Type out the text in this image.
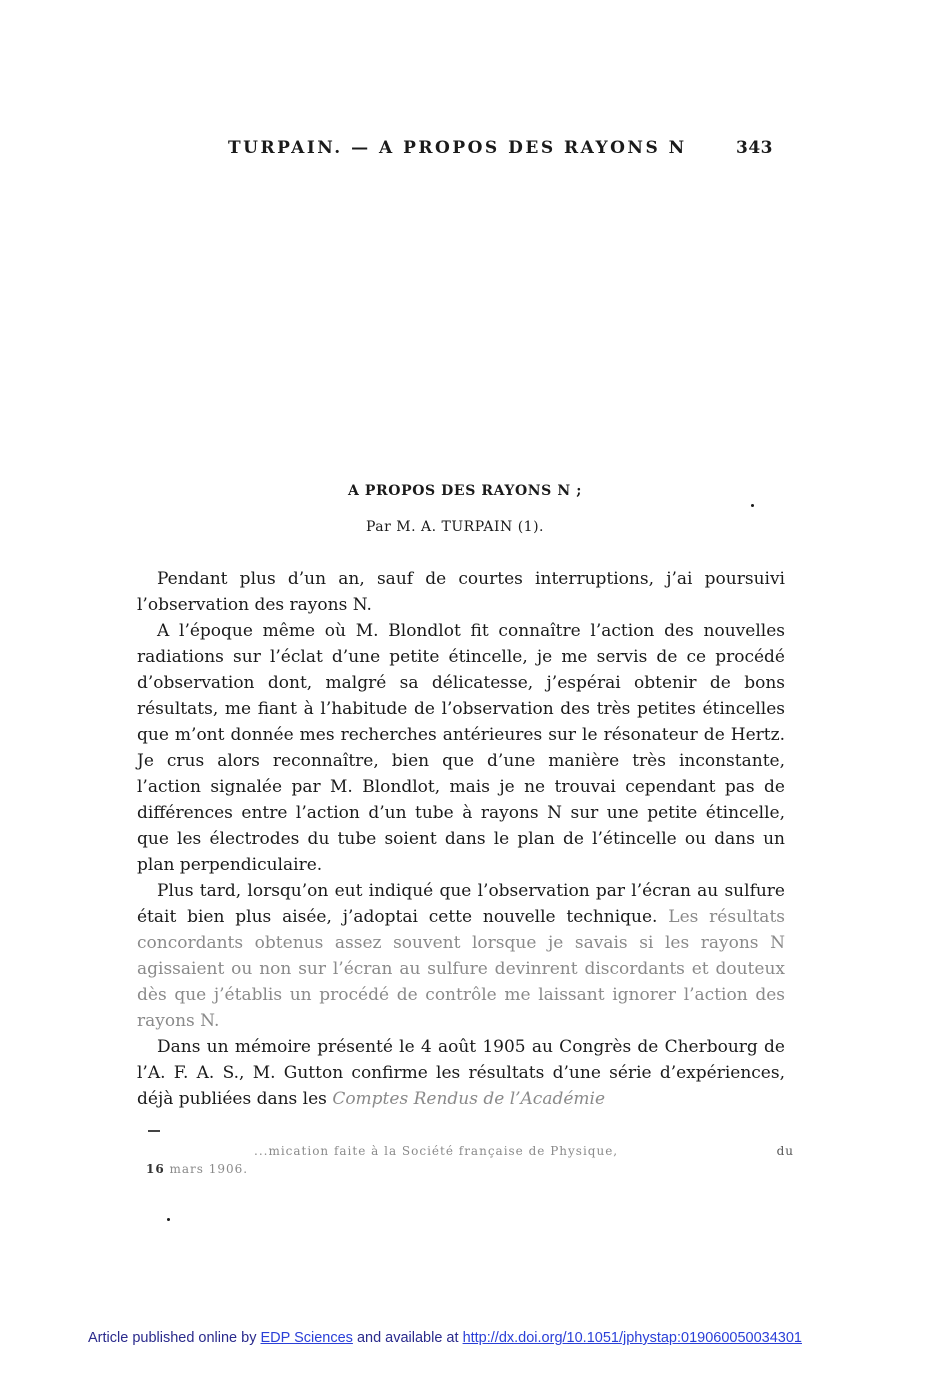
TURPAIN. — A PROPOS DES RAYONS N	343
A PROPOS DES RAYONS N ;
Par M. A. TURPAIN (1).

Pendant plus d’un an, sauf de courtes interruptions, j’ai poursuivi l’observation des rayons N.

A l’époque même où M. Blondlot fit connaître l’action des nouvelles radiations sur l’éclat d’une petite étincelle, je me servis de ce procédé d’observation dont, malgré sa délicatesse, j’espérai obtenir de bons résultats, me fiant à l’habitude de l’observation des très petites étincelles que m’ont donnée mes recherches antérieures sur le résonateur de Hertz. Je crus alors reconnaître, bien que d’une manière très inconstante, l’action signalée par M. Blondlot, mais je ne trouvai cependant pas de différences entre l’action d’un tube à rayons N sur une petite étincelle, que les électrodes du tube soient dans le plan de l’étincelle ou dans un plan perpendiculaire.

Plus tard, lorsqu’on eut indiqué que l’observation par l’écran au sulfure était bien plus aisée, j’adoptai cette nouvelle technique. Les résultats concordants obtenus assez souvent lorsque je savais si les rayons N agissaient ou non sur l’écran au sulfure devinrent discordants et douteux dès que j’établis un procédé de contrôle me laissant ignorer l’action des rayons N.

Dans un mémoire présenté le 4 août 1905 au Congrès de Cherbourg de l’A. F. A. S., M. Gutton confirme les résultats d’une série d’expériences, déjà publiées dans les Comptes Rendus de l’Académie

...mication faite à la Société française de Physique,	du
16 mars 1906.
Article published online by EDP Sciences and available at http://dx.doi.org/10.1051/jphystap:019060050034301
